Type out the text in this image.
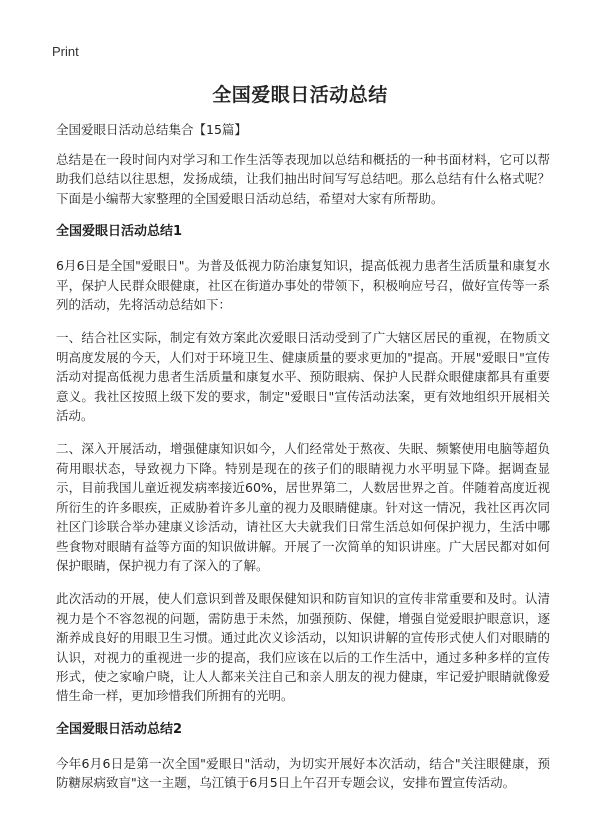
Print
全国爱眼日活动总结

全国爱眼日活动总结集合【15篇】

总结是在一段时间内对学习和工作生活等表现加以总结和概括的一种书面材料，它可以帮助我们总结以往思想，发扬成绩，让我们抽出时间写写总结吧。那么总结有什么格式呢？下面是小编帮大家整理的全国爱眼日活动总结，希望对大家有所帮助。

全国爱眼日活动总结1

6月6日是全国"爱眼日"。为普及低视力防治康复知识，提高低视力患者生活质量和康复水平，保护人民群众眼健康，社区在街道办事处的带领下，积极响应号召，做好宣传等一系列的活动，先将活动总结如下：

一、结合社区实际，制定有效方案此次爱眼日活动受到了广大辖区居民的重视，在物质文明高度发展的今天，人们对于环境卫生、健康质量的要求更加的"提高。开展"爱眼日"宣传活动对提高低视力患者生活质量和康复水平、预防眼病、保护人民群众眼健康都具有重要意义。我社区按照上级下发的要求，制定"爱眼日"宣传活动法案，更有效地组织开展相关活动。

二、深入开展活动，增强健康知识如今，人们经常处于熬夜、失眠、频繁使用电脑等超负荷用眼状态，导致视力下降。特别是现在的孩子们的眼睛视力水平明显下降。据调查显示，目前我国儿童近视发病率接近60%，居世界第二，人数居世界之首。伴随着高度近视所衍生的许多眼疾，正威胁着许多儿童的视力及眼睛健康。针对这一情况，我社区再次同社区门诊联合举办建康义诊活动，请社区大夫就我们日常生活总如何保护视力，生活中哪些食物对眼睛有益等方面的知识做讲解。开展了一次简单的知识讲座。广大居民都对如何保护眼睛，保护视力有了深入的了解。

此次活动的开展，使人们意识到普及眼保健知识和防盲知识的宣传非常重要和及时。认清视力是个不容忽视的问题，需防患于未然，加强预防、保健，增强自觉爱眼护眼意识，逐渐养成良好的用眼卫生习惯。通过此次义诊活动，以知识讲解的宣传形式使人们对眼睛的认识，对视力的重视进一步的提高，我们应该在以后的工作生活中，通过多种多样的宣传形式，使之家喻户晓，让人人都来关注自己和亲人朋友的视力健康，牢记爱护眼睛就像爱惜生命一样，更加珍惜我们所拥有的光明。

全国爱眼日活动总结2

今年6月6日是第一次全国"爱眼日"活动，为切实开展好本次活动，结合"关注眼健康，预防糖尿病致盲"这一主题，乌江镇于6月5日上午召开专题会议，安排布置宣传活动。
